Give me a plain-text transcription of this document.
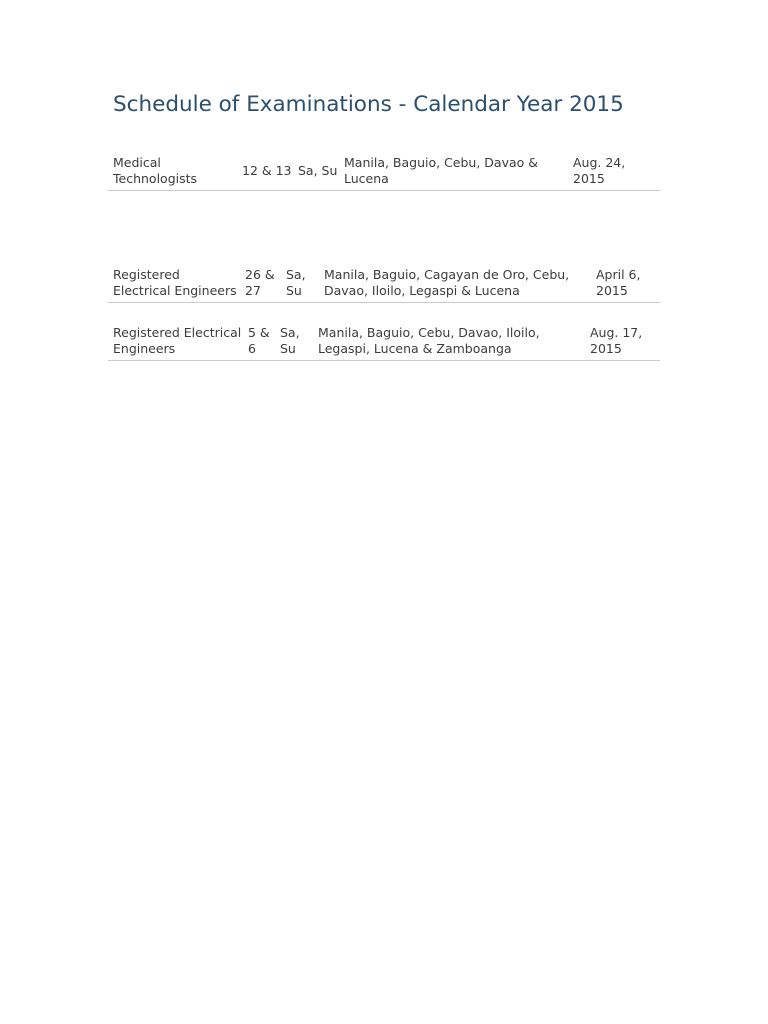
Schedule of Examinations - Calendar Year 2015
Medical Technologists	12 & 13	Sa, Su	Manila, Baguio, Cebu, Davao & Lucena	Aug. 24, 2015
Registered Electrical Engineers	26 & 27	Sa, Su	Manila, Baguio, Cagayan de Oro, Cebu, Davao, Iloilo, Legaspi & Lucena	April 6, 2015
Registered Electrical Engineers	5 & 6	Sa, Su	Manila, Baguio, Cebu, Davao, Iloilo, Legaspi, Lucena & Zamboanga	Aug. 17, 2015
